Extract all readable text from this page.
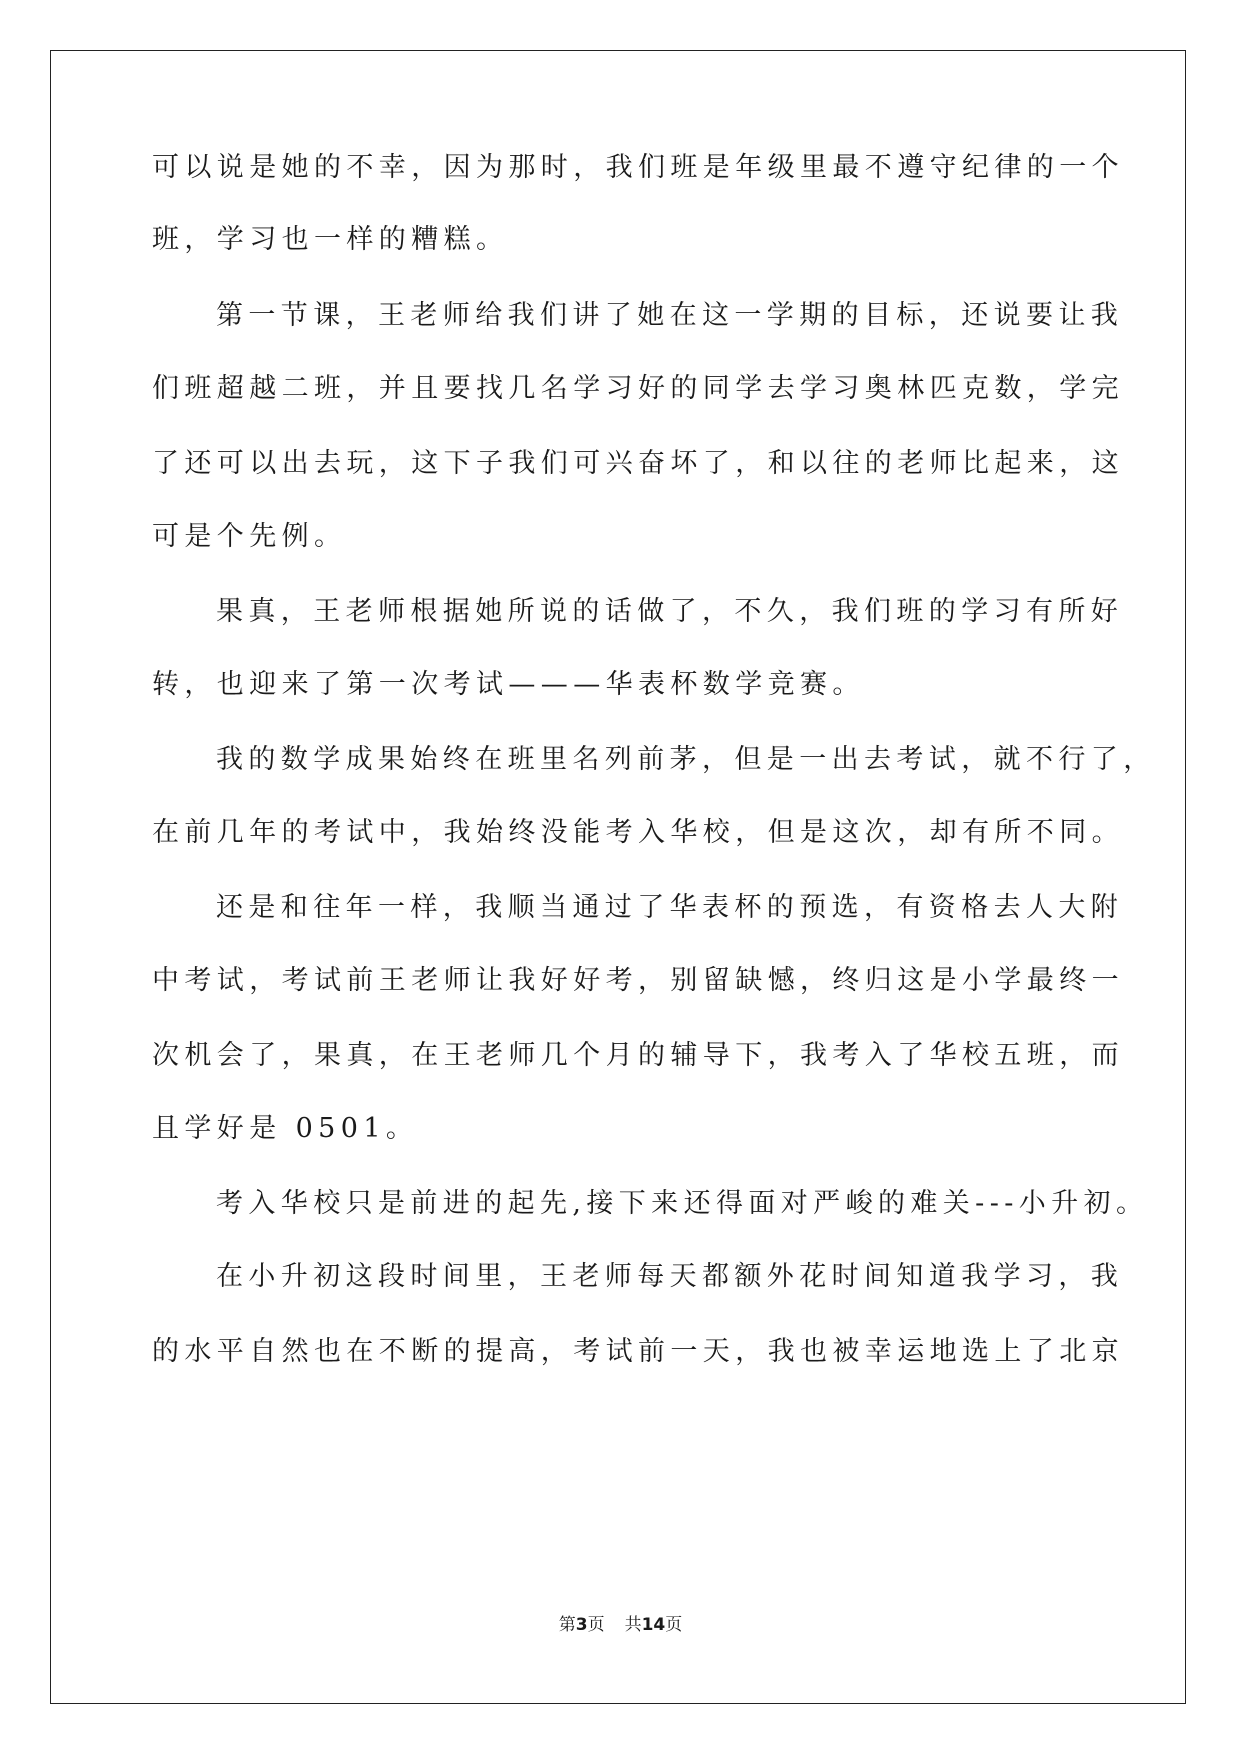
可以说是她的不幸，因为那时，我们班是年级里最不遵守纪律的一个
班，学习也一样的糟糕。
第一节课，王老师给我们讲了她在这一学期的目标，还说要让我
们班超越二班，并且要找几名学习好的同学去学习奥林匹克数，学完
了还可以出去玩，这下子我们可兴奋坏了，和以往的老师比起来，这
可是个先例。
果真，王老师根据她所说的话做了，不久，我们班的学习有所好
转，也迎来了第一次考试———华表杯数学竞赛。
我的数学成果始终在班里名列前茅，但是一出去考试，就不行了，
在前几年的考试中，我始终没能考入华校，但是这次，却有所不同。
还是和往年一样，我顺当通过了华表杯的预选，有资格去人大附
中考试，考试前王老师让我好好考，别留缺憾，终归这是小学最终一
次机会了，果真，在王老师几个月的辅导下，我考入了华校五班，而
且学好是 0501。
考入华校只是前进的起先,接下来还得面对严峻的难关---小升初。
在小升初这段时间里，王老师每天都额外花时间知道我学习，我
的水平自然也在不断的提高，考试前一天，我也被幸运地选上了北京
第3页 共14页
